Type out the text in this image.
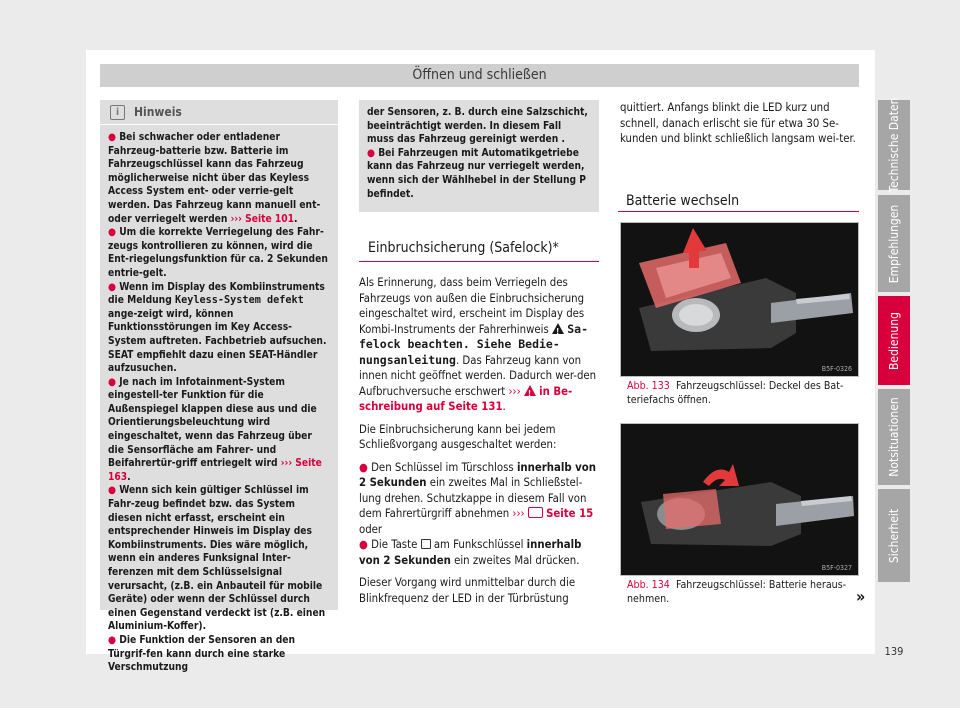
Öffnen und schließen
i	Hinweis

● Bei schwacher oder entladener Fahrzeug-batterie bzw. Batterie im Fahrzeugschlüssel kann das Fahrzeug möglicherweise nicht über das Keyless Access System ent- oder verrie-gelt werden. Das Fahrzeug kann manuell ent- oder verriegelt werden ››› Seite 101.

● Um die korrekte Verriegelung des Fahr-zeugs kontrollieren zu können, wird die Ent-riegelungsfunktion für ca. 2 Sekunden entrie-gelt.

● Wenn im Display des Kombiinstruments die Meldung Keyless-System defekt ange-zeigt wird, können Funktionsstörungen im Key Access-System auftreten. Fachbetrieb aufsuchen. SEAT empfiehlt dazu einen SEAT-Händler aufzusuchen.

● Je nach im Infotainment-System eingestell-ter Funktion für die Außenspiegel klappen diese aus und die Orientierungsbeleuchtung wird eingeschaltet, wenn das Fahrzeug über die Sensorfläche am Fahrer- und Beifahrertür-griff entriegelt wird ››› Seite 163.

● Wenn sich kein gültiger Schlüssel im Fahr-zeug befindet bzw. das System diesen nicht erfasst, erscheint ein entsprechender Hinweis im Display des Kombiinstruments. Dies wäre möglich, wenn ein anderes Funksignal Inter-ferenzen mit dem Schlüsselsignal verursacht, (z.B. ein Anbauteil für mobile Geräte) oder wenn der Schlüssel durch einen Gegenstand verdeckt ist (z.B. einen Aluminium-Koffer).

● Die Funktion der Sensoren an den Türgrif-fen kann durch eine starke Verschmutzung

der Sensoren, z. B. durch eine Salzschicht, beeinträchtigt werden. In diesem Fall muss das Fahrzeug gereinigt werden .

● Bei Fahrzeugen mit Automatikgetriebe kann das Fahrzeug nur verriegelt werden, wenn sich der Wählhebel in der Stellung P befindet.

Einbruchsicherung (Safelock)*

Als Erinnerung, dass beim Verriegeln des Fahrzeugs von außen die Einbruchsicherung eingeschaltet wird, erscheint im Display des Kombi-Instruments der Fahrerhinweis ! Sa-felock beachten. Siehe Bedie-nungsanleitung. Das Fahrzeug kann von innen nicht geöffnet werden. Dadurch wer-den Aufbruchversuche erschwert ››› ! in Be-schreibung auf Seite 131.

Die Einbruchsicherung kann bei jedem Schließvorgang ausgeschaltet werden:

● Den Schlüssel im Türschloss innerhalb von 2 Sekunden ein zweites Mal in Schließstel-lung drehen. Schutzkappe in diesem Fall von dem Fahrertürgriff abnehmen ››› Seite 15

oder

● Die Taste am Funkschlüssel innerhalb von 2 Sekunden ein zweites Mal drücken.

Dieser Vorgang wird unmittelbar durch die Blinkfrequenz der LED in der Türbrüstung

quittiert. Anfangs blinkt die LED kurz und schnell, danach erlischt sie für etwa 30 Se-kunden und blinkt schließlich langsam wei-ter.

Batterie wechseln
B5F-0326
Abb. 133 Fahrzeugschlüssel: Deckel des Bat-teriefachs öffnen.
B5F-0327
Abb. 134 Fahrzeugschlüssel: Batterie heraus-nehmen.	»
Technische Daten
Empfehlungen
Bedienung
Notsituationen
Sicherheit
139
